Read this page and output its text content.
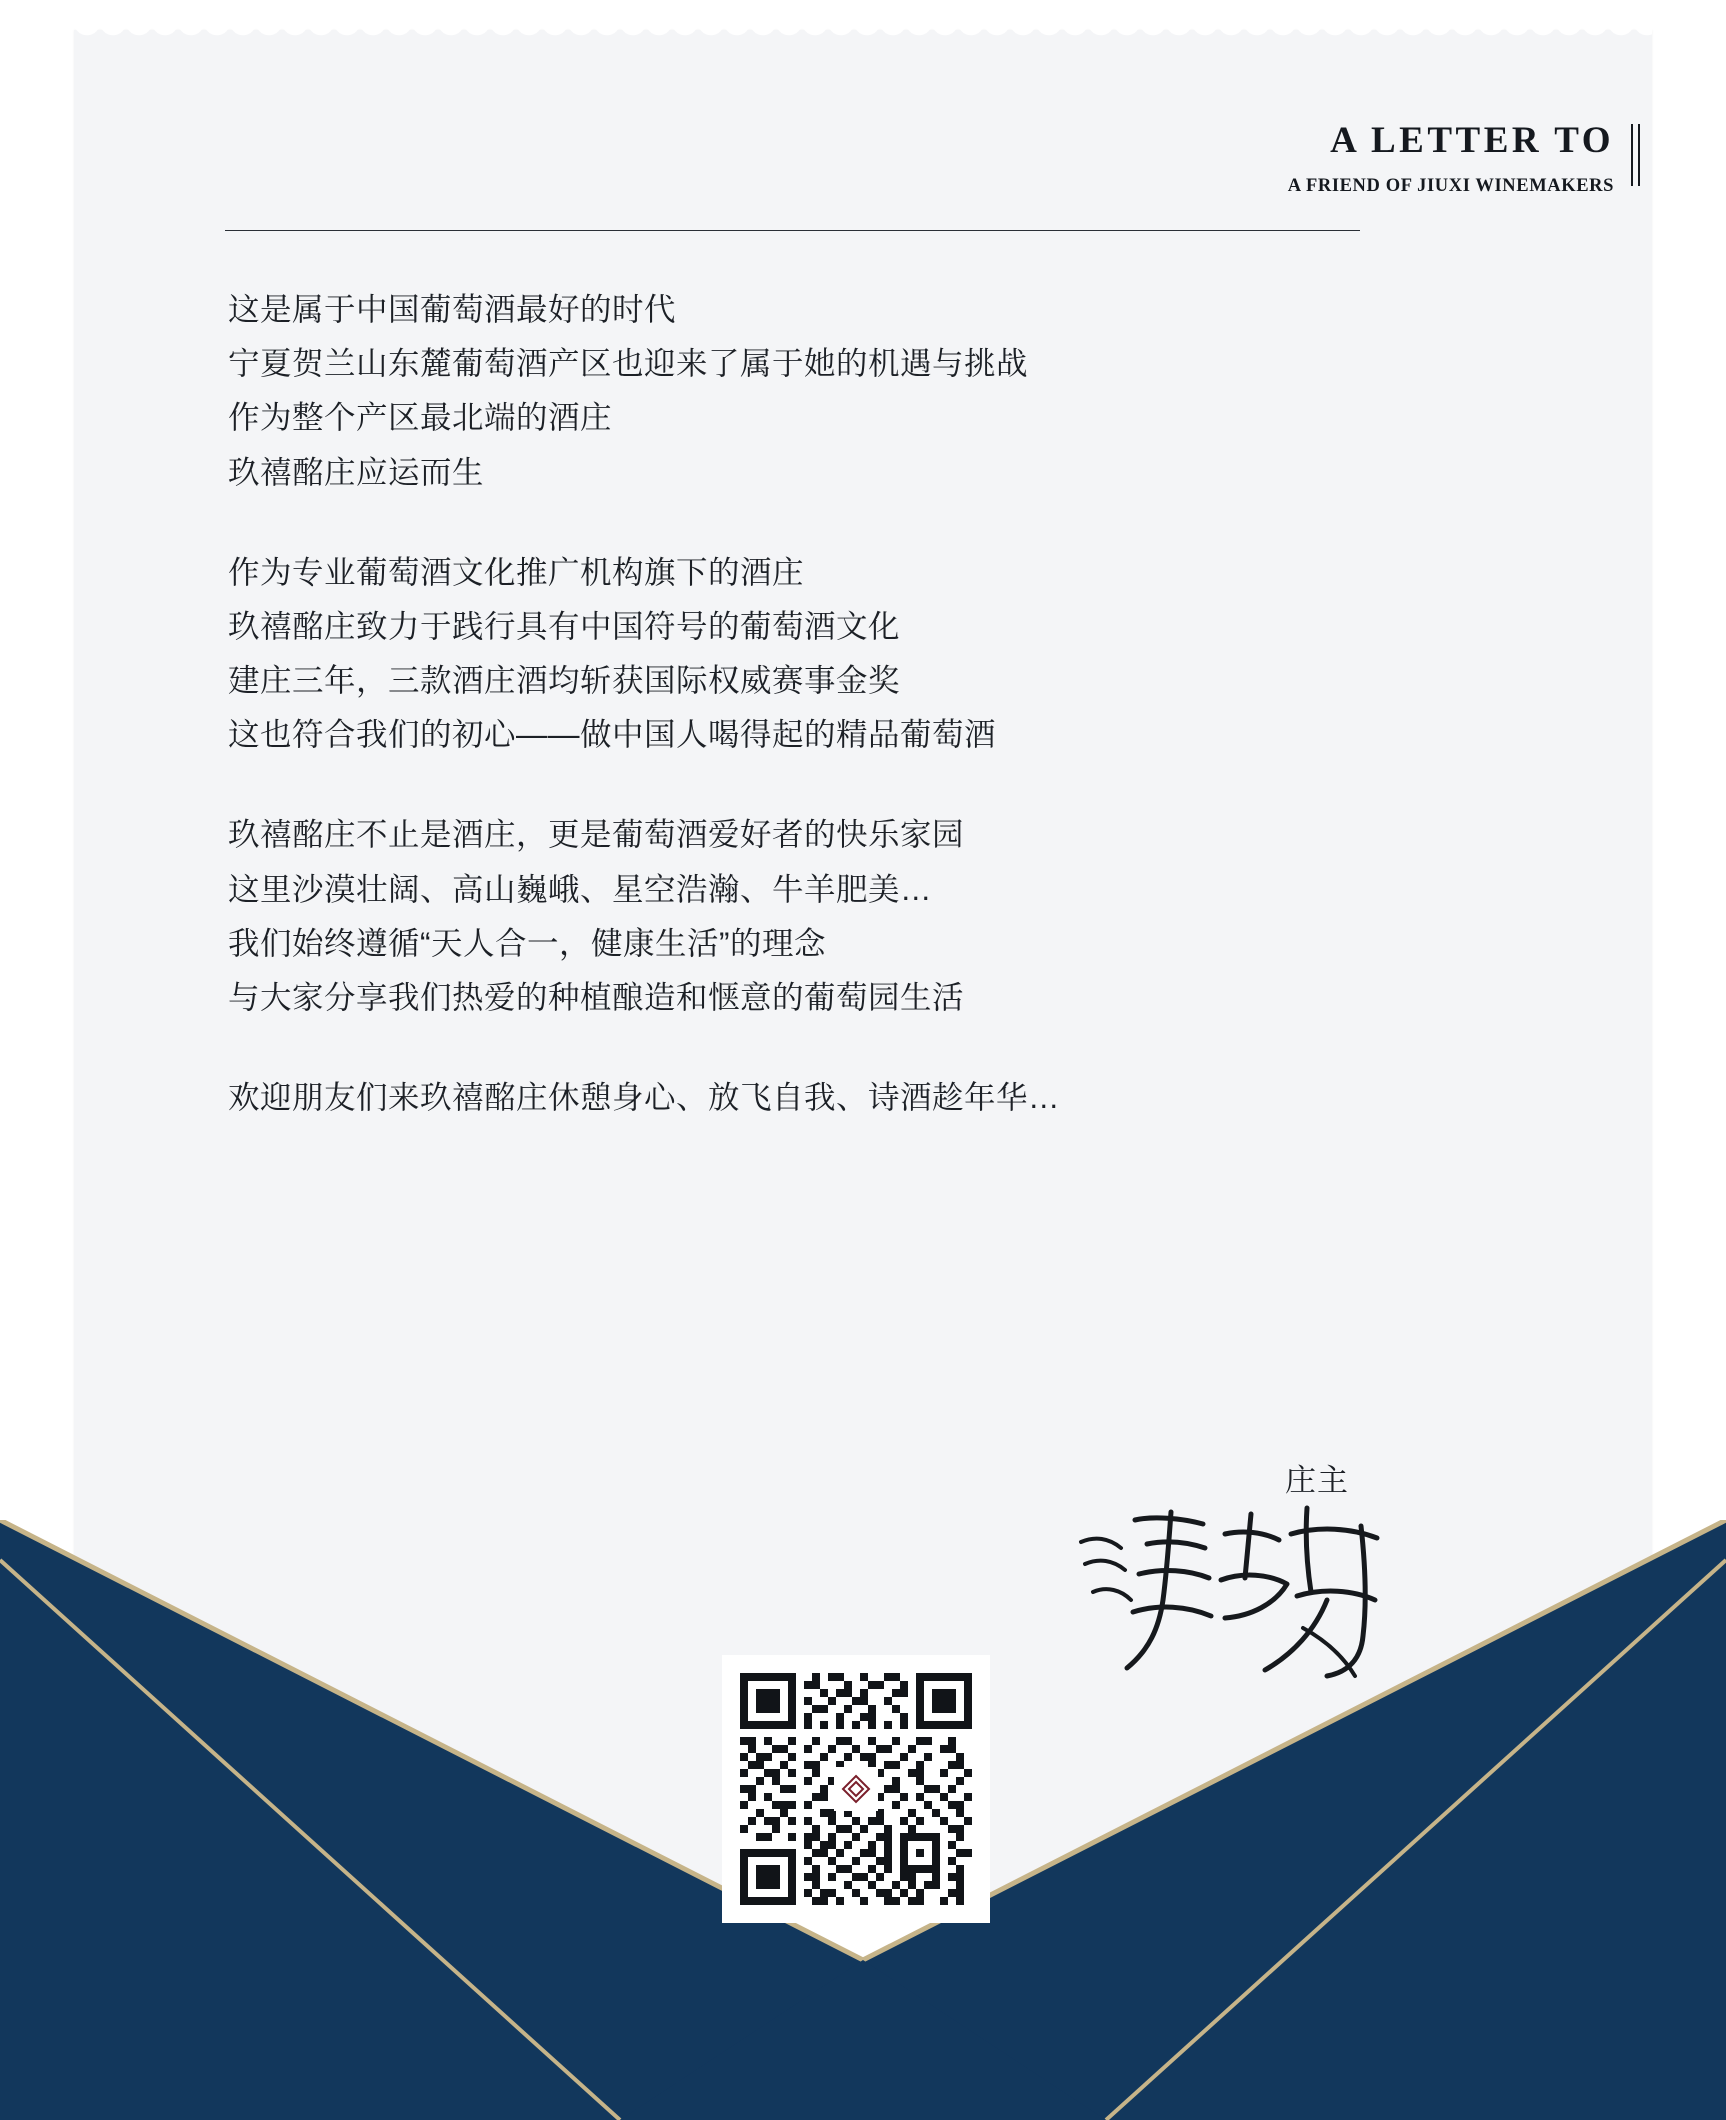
A LETTER TO
A FRIEND OF JIUXI WINEMAKERS
这是属于中国葡萄酒最好的时代
宁夏贺兰山东麓葡萄酒产区也迎来了属于她的机遇与挑战
作为整个产区最北端的酒庄
玖禧酩庄应运而生
作为专业葡萄酒文化推广机构旗下的酒庄
玖禧酩庄致力于践行具有中国符号的葡萄酒文化
建庄三年，三款酒庄酒均斩获国际权威赛事金奖
这也符合我们的初心——做中国人喝得起的精品葡萄酒
玖禧酩庄不止是酒庄，更是葡萄酒爱好者的快乐家园
这里沙漠壮阔、高山巍峨、星空浩瀚、牛羊肥美…
我们始终遵循“天人合一，健康生活”的理念
与大家分享我们热爱的种植酿造和惬意的葡萄园生活
欢迎朋友们来玖禧酩庄休憩身心、放飞自我、诗酒趁年华…
庄主
